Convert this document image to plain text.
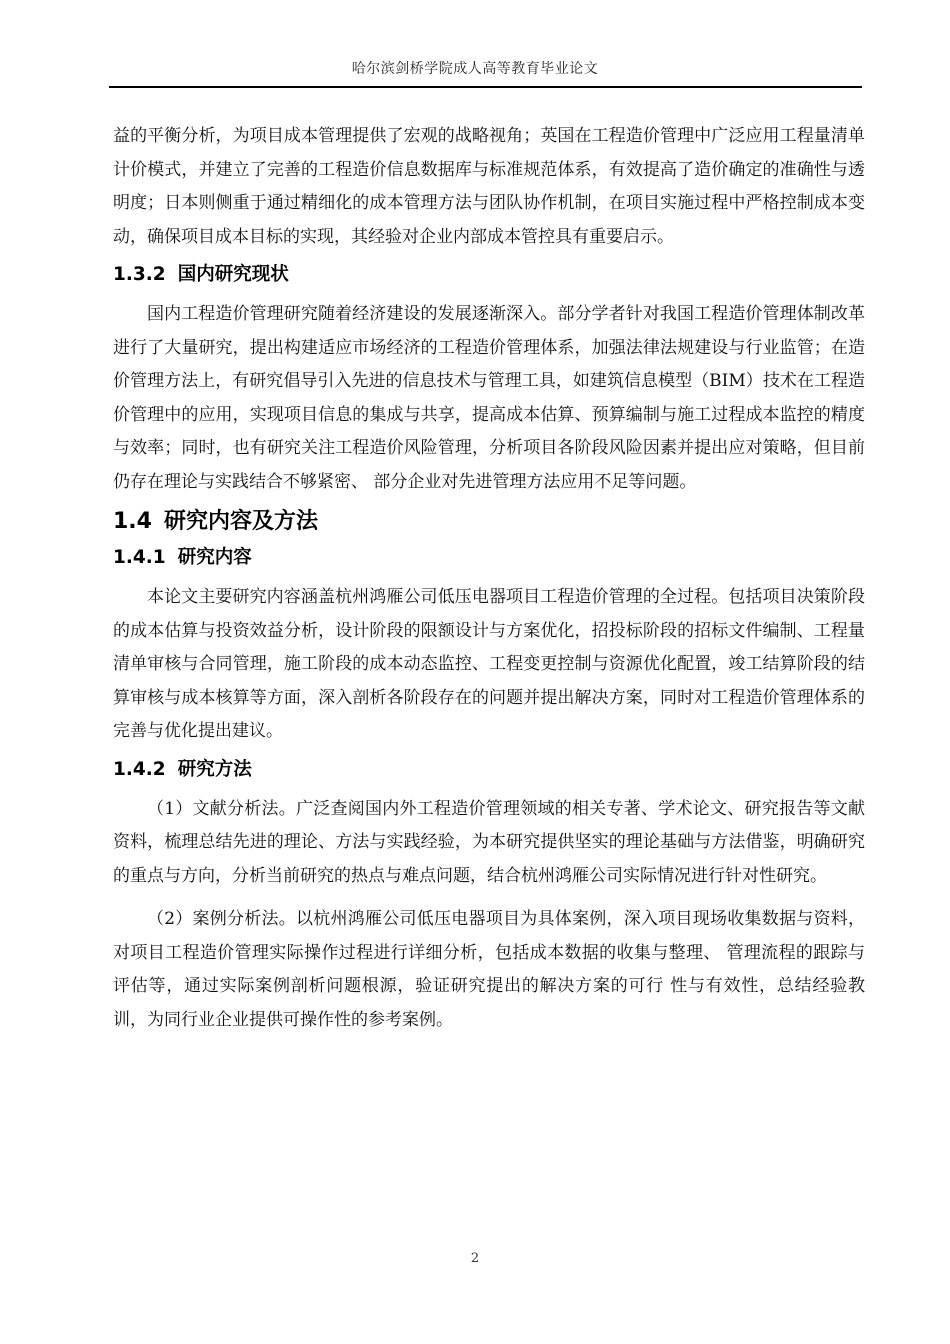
哈尔滨剑桥学院成人高等教育毕业论文

益的平衡分析，为项目成本管理提供了宏观的战略视角；英国在工程造价管理中广泛应用工程量清单计价模式，并建立了完善的工程造价信息数据库与标准规范体系，有效提高了造价确定的准确性与透明度；日本则侧重于通过精细化的成本管理方法与团队协作机制，在项目实施过程中严格控制成本变动，确保项目成本目标的实现，其经验对企业内部成本管控具有重要启示。

1.3.2 国内研究现状

国内工程造价管理研究随着经济建设的发展逐渐深入。部分学者针对我国工程造价管理体制改革进行了大量研究，提出构建适应市场经济的工程造价管理体系，加强法律法规建设与行业监管；在造价管理方法上，有研究倡导引入先进的信息技术与管理工具，如建筑信息模型（BIM）技术在工程造价管理中的应用，实现项目信息的集成与共享，提高成本估算、预算编制与施工过程成本监控的精度与效率；同时，也有研究关注工程造价风险管理，分析项目各阶段风险因素并提出应对策略，但目前仍存在理论与实践结合不够紧密、 部分企业对先进管理方法应用不足等问题。

1.4 研究内容及方法
1.4.1 研究内容

本论文主要研究内容涵盖杭州鸿雁公司低压电器项目工程造价管理的全过程。包括项目决策阶段的成本估算与投资效益分析，设计阶段的限额设计与方案优化，招投标阶段的招标文件编制、工程量清单审核与合同管理，施工阶段的成本动态监控、工程变更控制与资源优化配置，竣工结算阶段的结算审核与成本核算等方面，深入剖析各阶段存在的问题并提出解决方案，同时对工程造价管理体系的完善与优化提出建议。

1.4.2 研究方法

（1）文献分析法。广泛查阅国内外工程造价管理领域的相关专著、学术论文、研究报告等文献资料，梳理总结先进的理论、方法与实践经验，为本研究提供坚实的理论基础与方法借鉴，明确研究的重点与方向，分析当前研究的热点与难点问题，结合杭州鸿雁公司实际情况进行针对性研究。

（2）案例分析法。以杭州鸿雁公司低压电器项目为具体案例，深入项目现场收集数据与资料，对项目工程造价管理实际操作过程进行详细分析，包括成本数据的收集与整理、 管理流程的跟踪与评估等，通过实际案例剖析问题根源，验证研究提出的解决方案的可行 性与有效性，总结经验教训，为同行业企业提供可操作性的参考案例。

2
